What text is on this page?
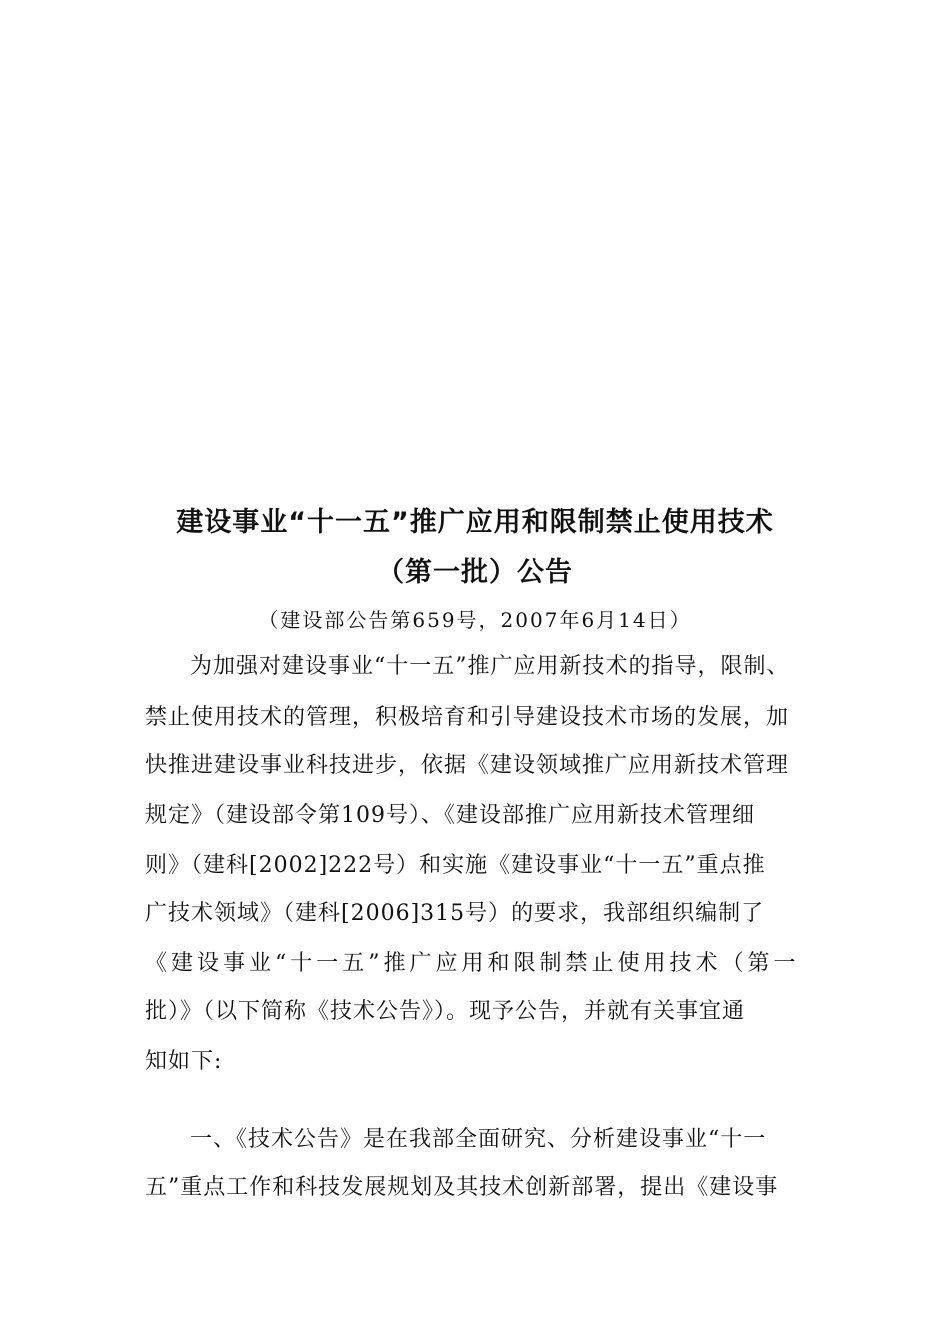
建设事业“十一五”推广应用和限制禁止使用技术
（第一批）公告
（建设部公告第659号，2007年6月14日）
为加强对建设事业“十一五”推广应用新技术的指导，限制、
禁止使用技术的管理，积极培育和引导建设技术市场的发展，加
快推进建设事业科技进步，依据《建设领域推广应用新技术管理
规定》（建设部令第109号）、《建设部推广应用新技术管理细
则》（建科[2002]222号）和实施《建设事业“十一五”重点推
广技术领域》（建科[2006]315号）的要求，我部组织编制了
《建设事业“十一五”推广应用和限制禁止使用技术（第一
批）》（以下简称《技术公告》）。现予公告，并就有关事宜通
知如下:
一、《技术公告》是在我部全面研究、分析建设事业“十一
五”重点工作和科技发展规划及其技术创新部署，提出《建设事
